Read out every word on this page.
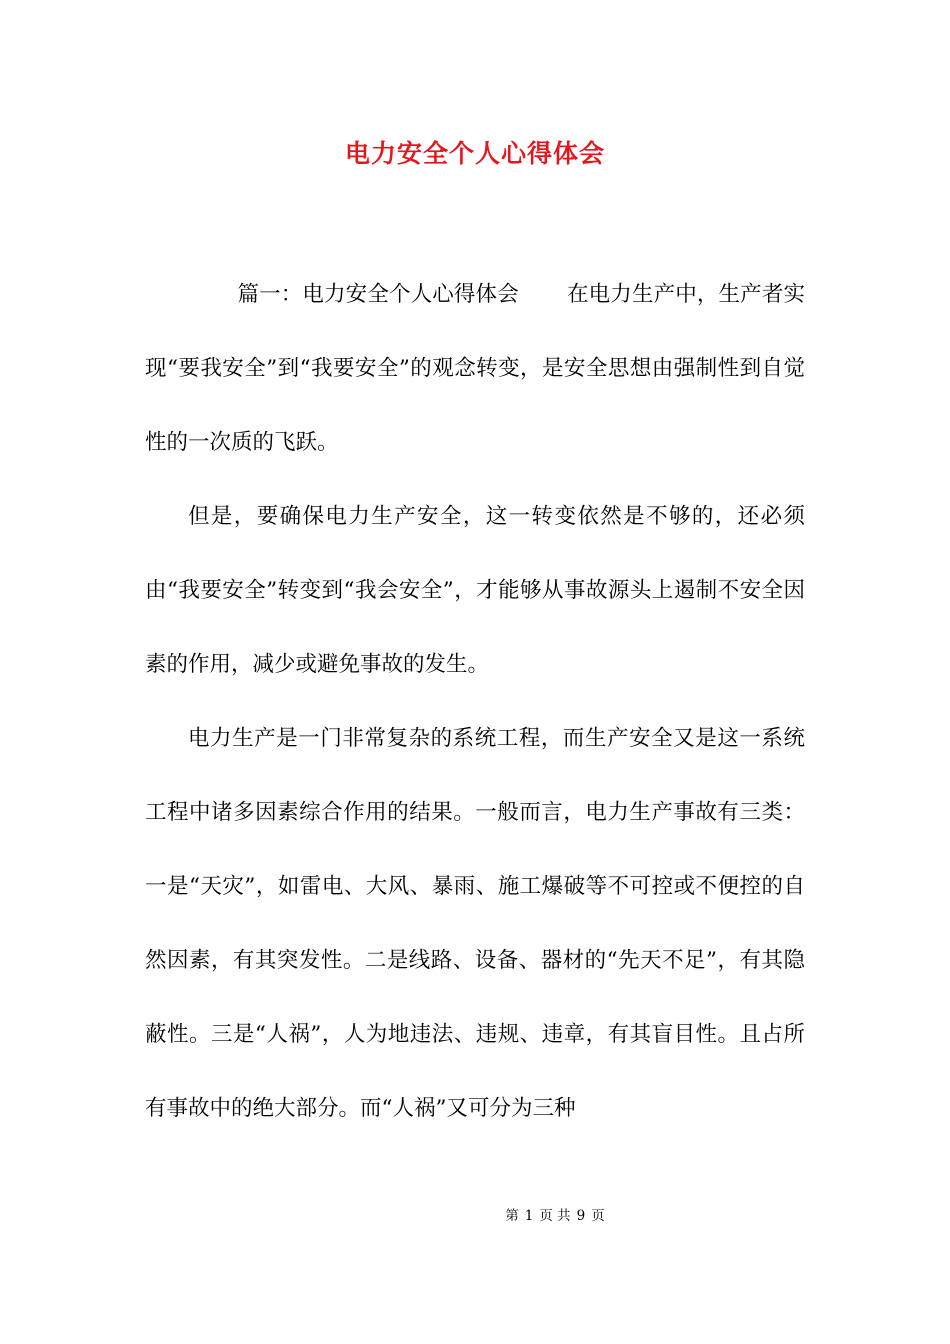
电力安全个人心得体会

篇一：电力安全个人心得体会 在电力生产中，生产者实现“要我安全”到“我要安全”的观念转变，是安全思想由强制性到自觉性的一次质的飞跃。

但是，要确保电力生产安全，这一转变依然是不够的，还必须由“我要安全”转变到“我会安全”，才能够从事故源头上遏制不安全因素的作用，减少或避免事故的发生。

电力生产是一门非常复杂的系统工程，而生产安全又是这一系统工程中诸多因素综合作用的结果。一般而言，电力生产事故有三类：一是“天灾”，如雷电、大风、暴雨、施工爆破等不可控或不便控的自然因素，有其突发性。二是线路、设备、器材的“先天不足”，有其隐蔽性。三是“人祸”，人为地违法、违规、违章，有其盲目性。且占所有事故中的绝大部分。而“人祸”又可分为三种

第 1 页 共 9 页
